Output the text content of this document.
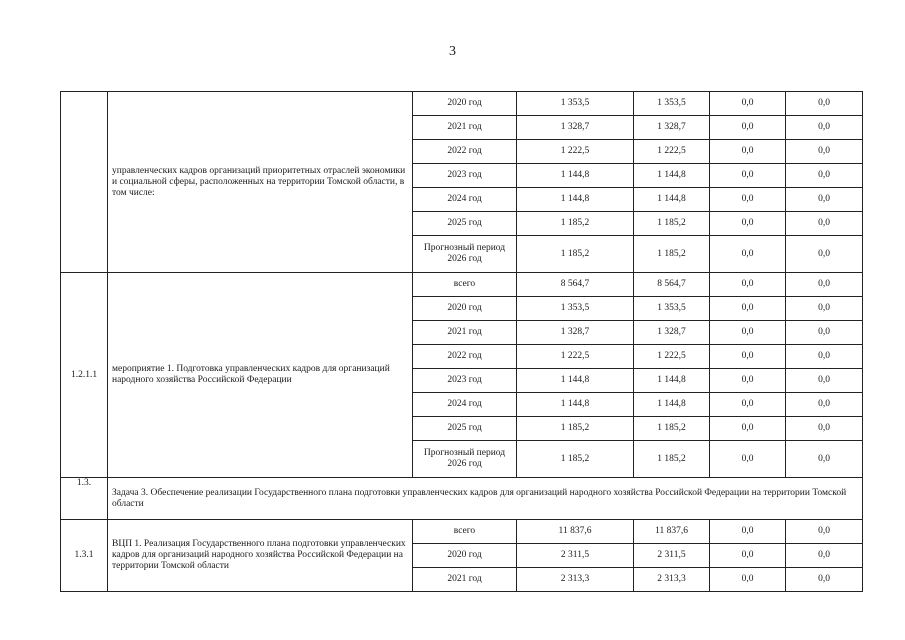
3
	управленческих кадров организаций приоритетных отраслей экономики и социальной сферы, расположенных на территории Томской области, в том числе:	2020 год	1 353,5	1 353,5	0,0	0,0
		2021 год	1 328,7	1 328,7	0,0	0,0
		2022 год	1 222,5	1 222,5	0,0	0,0
		2023 год	1 144,8	1 144,8	0,0	0,0
		2024 год	1 144,8	1 144,8	0,0	0,0
		2025 год	1 185,2	1 185,2	0,0	0,0
		Прогнозный период 2026 год	1 185,2	1 185,2	0,0	0,0
1.2.1.1	мероприятие 1. Подготовка управленческих кадров для организаций народного хозяйства Российской Федерации	всего	8 564,7	8 564,7	0,0	0,0
		2020 год	1 353,5	1 353,5	0,0	0,0
		2021 год	1 328,7	1 328,7	0,0	0,0
		2022 год	1 222,5	1 222,5	0,0	0,0
		2023 год	1 144,8	1 144,8	0,0	0,0
		2024 год	1 144,8	1 144,8	0,0	0,0
		2025 год	1 185,2	1 185,2	0,0	0,0
		Прогнозный период 2026 год	1 185,2	1 185,2	0,0	0,0
1.3.	Задача 3. Обеспечение реализации Государственного плана подготовки управленческих кадров для организаций народного хозяйства Российской Федерации на территории Томской области					
1.3.1	ВЦП 1. Реализация Государственного плана подготовки управленческих кадров для организаций народного хозяйства Российской Федерации на территории Томской области	всего	11 837,6	11 837,6	0,0	0,0
		2020 год	2 311,5	2 311,5	0,0	0,0
		2021 год	2 313,3	2 313,3	0,0	0,0
